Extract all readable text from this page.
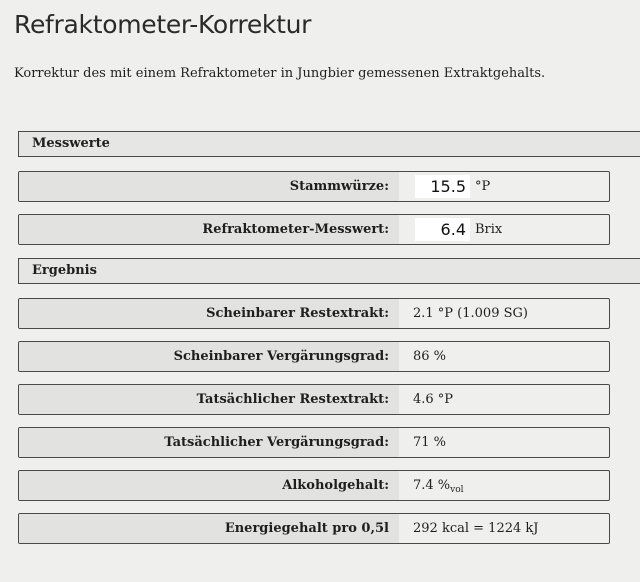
Refraktometer-Korrektur

Korrektur des mit einem Refraktometer in Jungbier gemessenen Extraktgehalts.

Messwerte
Stammwürze:
15.5	°P
Refraktometer-Messwert:
6.4	Brix
Ergebnis
Scheinbarer Restextrakt:	2.1 °P (1.009 SG)
Scheinbarer Vergärungsgrad:	86 %
Tatsächlicher Restextrakt:	4.6 °P
Tatsächlicher Vergärungsgrad:	71 %
Alkoholgehalt:	7.4 $\%_{vol}$
Energiegehalt pro 0,5l	292 kcal = 1224 kJ
